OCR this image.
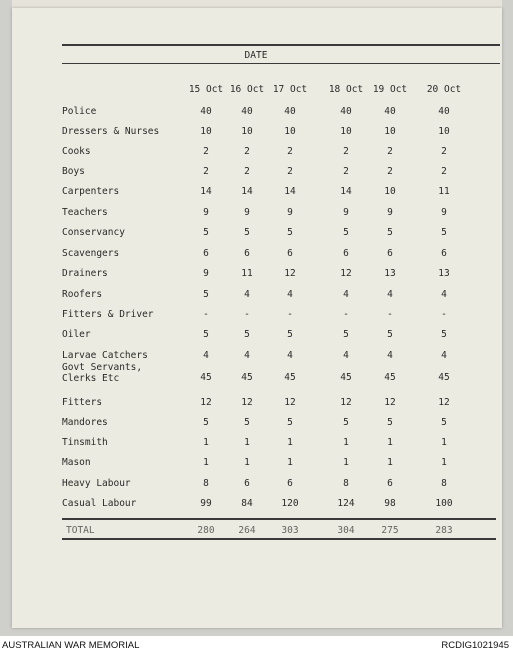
DATE
15 Oct 16 Oct 17 Oct	18 Oct	19 Oct	20 Oct
Police	40	40	40	40	40	40
Dressers & Nurses	10	10	10	10	10	10
Cooks	2	2	2	2	2	2
Boys	2	2	2	2	2	2
Carpenters	14	14	14	14	10	11
Teachers	9	9	9	9	9	9
Conservancy	5	5	5	5	5	5
Scavengers	6	6	6	6	6	6
Drainers	9	11	12	12	13	13
Roofers	5	4	4	4	4	4
Fitters & Driver	-	-	-	-	-	-
Oiler	5	5	5	5	5	5
Larvae Catchers	4	4	4	4	4	4
Govt Servants, Clerks Etc	45	45	45	45	45	45
Fitters	12	12	12	12	12	12
Mandores	5	5	5	5	5	5
Tinsmith	1	1	1	1	1	1
Mason	1	1	1	1	1	1
Heavy Labour	8	6	6	8	6	8
Casual Labour	99	84	120	124	98	100
TOTAL	280	264	303	304	275	283
AUSTRALIAN WAR MEMORIAL	RCDIG1021945
